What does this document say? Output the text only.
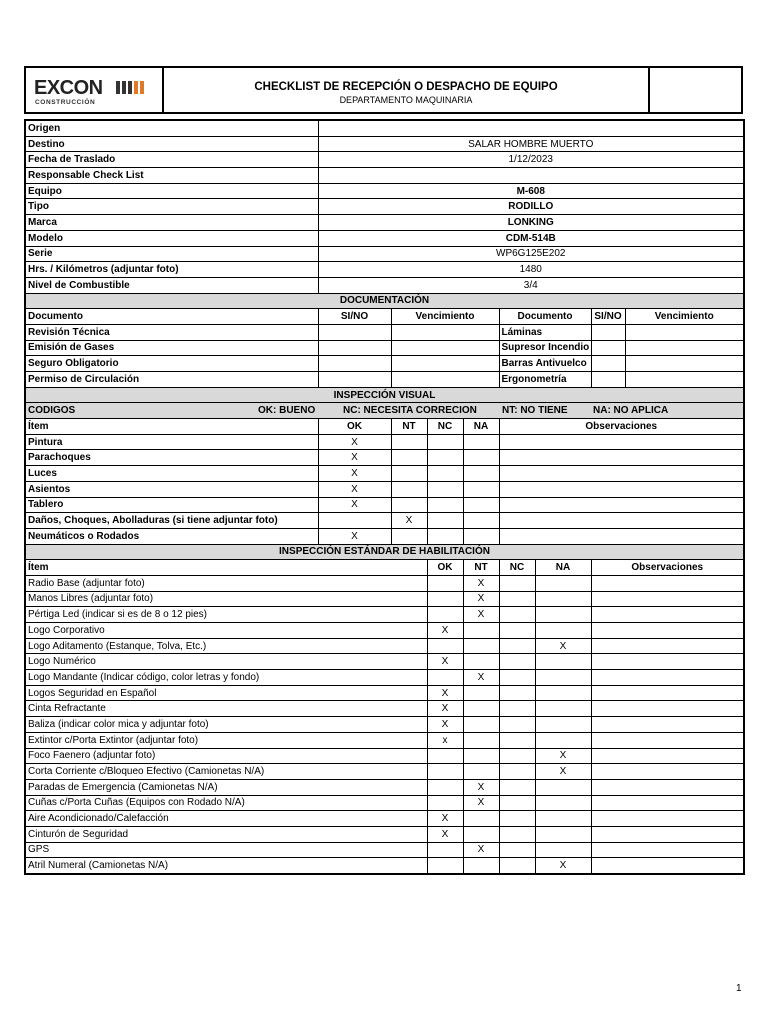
EXCON
CONSTRUCCIÓN
CHECKLIST DE RECEPCIÓN O DESPACHO DE EQUIPO
DEPARTAMENTO MAQUINARIA
Origen								
Destino	SALAR HOMBRE MUERTO							
Fecha de Traslado	1/12/2023							
Responsable Check List								
Equipo	M-608							
Tipo	RODILLO							
Marca	LONKING							
Modelo	CDM-514B							
Serie	WP6G125E202							
Hrs. / Kilómetros (adjuntar foto)	1480							
Nivel de Combustible	3/4							
DOCUMENTACIÓN								
Documento	SI/NO	Vencimiento			Documento		SI/NO	Vencimiento
Revisión Técnica					Láminas			
Emisión de Gases					Supresor Incendio			
Seguro Obligatorio					Barras Antivuelco			
Permiso de Circulación					Ergonometría			
INSPECCIÓN VISUAL								

CODIGOS OK: BUENO NC: NECESITA CORRECION NT: NO TIENE NA: NO APLICA								

Ítem	OK	NT	NC	NA	Observaciones			
Pintura	X							
Parachoques	X							
Luces	X							
Asientos	X							
Tablero	X							
Daños, Choques, Abolladuras (si tiene adjuntar foto)		X						
Neumáticos o Rodados	X							
INSPECCIÓN ESTÁNDAR DE HABILITACIÓN								
Ítem			OK	NT	NC	NA	Observaciones	
Radio Base (adjuntar foto)				X				
Manos Libres (adjuntar foto)				X				
Pértiga Led (indicar si es de 8 o 12 pies)				X				
Logo Corporativo			X					
Logo Aditamento (Estanque, Tolva, Etc.)						X		
Logo Numérico			X					
Logo Mandante (Indicar código, color letras y fondo)				X				
Logos Seguridad en Español			X					
Cinta Refractante			X					
Baliza (indicar color mica y adjuntar foto)			X					
Extintor c/Porta Extintor (adjuntar foto)			x					
Foco Faenero (adjuntar foto)						X		
Corta Corriente c/Bloqueo Efectivo (Camionetas N/A)						X		
Paradas de Emergencia (Camionetas N/A)				X				
Cuñas c/Porta Cuñas (Equipos con Rodado N/A)				X				
Aire Acondicionado/Calefacción			X					
Cinturón de Seguridad			X					
GPS				X				
Atril Numeral (Camionetas N/A)						X		
1
